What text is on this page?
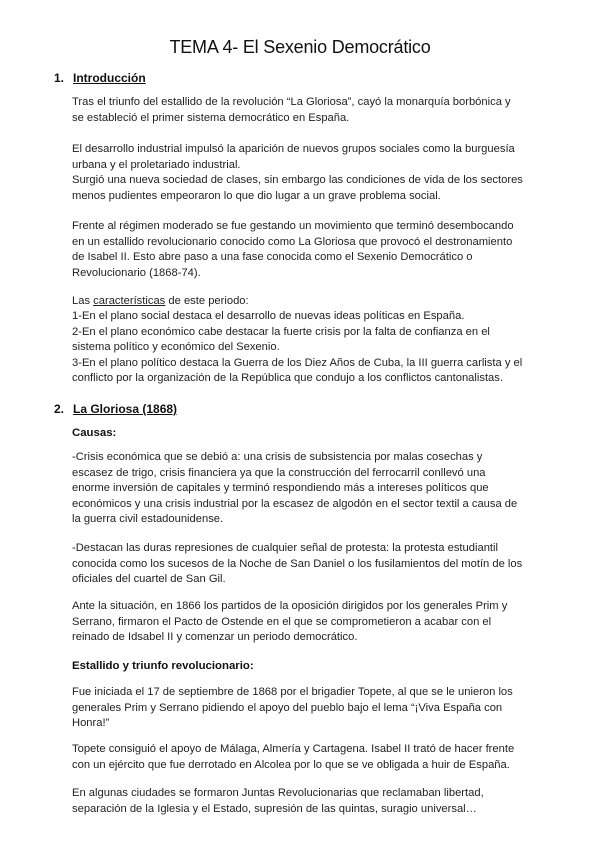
TEMA 4- El Sexenio Democrático
1. Introducción

Tras el triunfo del estallido de la revolución “La Gloriosa”, cayó la monarquía borbónica y
se estableció el primer sistema democrático en España.

El desarrollo industrial impulsó la aparición de nuevos grupos sociales como la burguesía
urbana y el proletariado industrial.
Surgió una nueva sociedad de clases, sin embargo las condiciones de vida de los sectores
menos pudientes empeoraron lo que dio lugar a un grave problema social.

Frente al régimen moderado se fue gestando un movimiento que terminó desembocando
en un estallido revolucionario conocido como La Gloriosa que provocó el destronamiento
de Isabel II. Esto abre paso a una fase conocida como el Sexenio Democrático o
Revolucionario (1868-74).

Las características de este periodo:

1-En el plano social destaca el desarrollo de nuevas ideas políticas en España.
2-En el plano económico cabe destacar la fuerte crisis por la falta de confianza en el
sistema político y económico del Sexenio.
3-En el plano político destaca la Guerra de los Diez Años de Cuba, la III guerra carlista y el
conflicto por la organización de la República que condujo a los conflictos cantonalistas.

2. La Gloriosa (1868)

Causas:

-Crisis económica que se debió a: una crisis de subsistencia por malas cosechas y
escasez de trigo, crisis financiera ya que la construcción del ferrocarril conllevó una
enorme inversión de capitales y terminó respondiendo más a intereses políticos que
económicos y una crisis industrial por la escasez de algodón en el sector textil a causa de
la guerra civil estadounidense.

-Destacan las duras represiones de cualquier señal de protesta: la protesta estudiantil
conocida como los sucesos de la Noche de San Daniel o los fusilamientos del motín de los
oficiales del cuartel de San Gil.

Ante la situación, en 1866 los partidos de la oposición dirigidos por los generales Prim y
Serrano, firmaron el Pacto de Ostende en el que se comprometieron a acabar con el
reinado de Idsabel II y comenzar un periodo democrático.

Estallido y triunfo revolucionario:

Fue iniciada el 17 de septiembre de 1868 por el brigadier Topete, al que se le unieron los
generales Prim y Serrano pidiendo el apoyo del pueblo bajo el lema “¡Viva España con
Honra!”

Topete consiguió el apoyo de Málaga, Almería y Cartagena. Isabel II trató de hacer frente
con un ejército que fue derrotado en Alcolea por lo que se ve obligada a huir de España.

En algunas ciudades se formaron Juntas Revolucionarias que reclamaban libertad,
separación de la Iglesia y el Estado, supresión de las quintas, suragio universal…
